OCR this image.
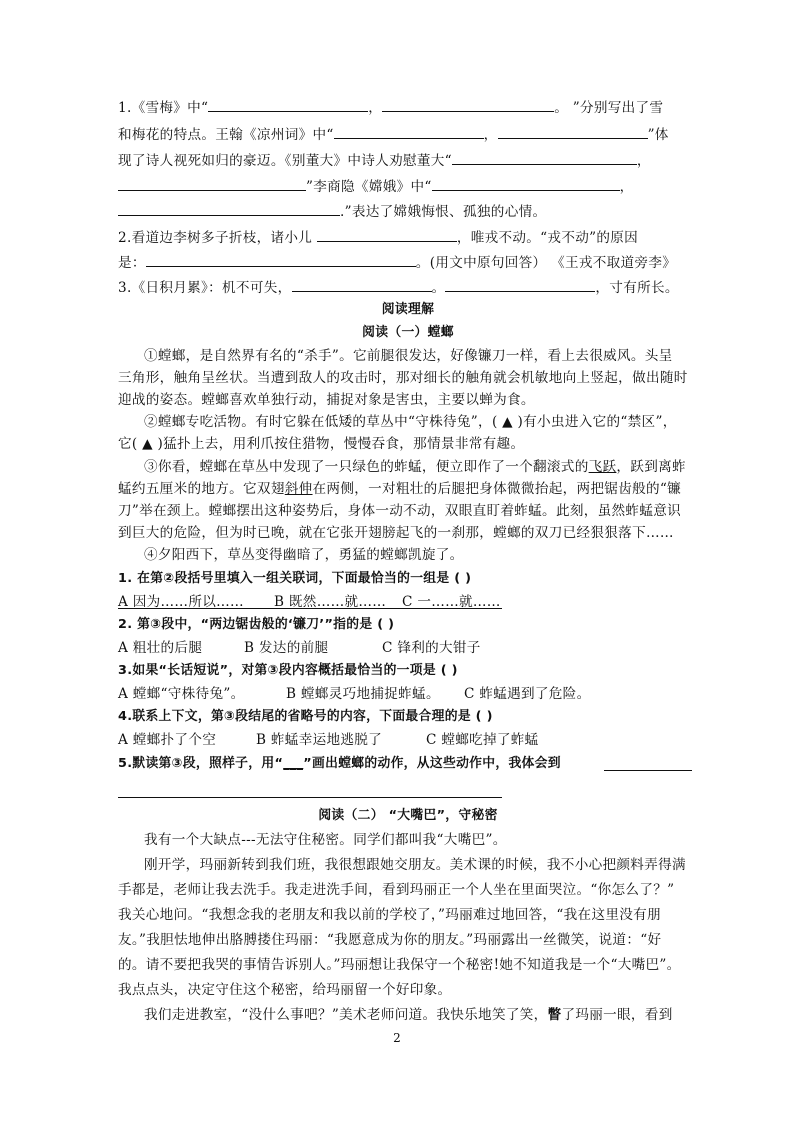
1.《雪梅》中“	，	。 ”分别写出了雪
和梅花的特点。王翰《凉州词》中“	，	”体
现了诗人视死如归的豪迈。《别董大》中诗人劝慰董大“	，
”李商隐《嫦娥》中“	，
.”表达了嫦娥悔恨、孤独的心情。
2.看道边李树多子折枝，诸小儿	，唯戎不动。“戎不动”的原因
是：	。(用文中原句回答） 《王戎不取道旁李》
3.《日积月累》：机不可失，	。	，寸有所长。
阅读理解
阅读（一）螳螂
①螳螂，是自然界有名的“杀手”。它前腿很发达，好像镰刀一样，看上去很威风。头呈
三角形，触角呈丝状。当遭到敌人的攻击时，那对细长的触角就会机敏地向上竖起，做出随时
迎战的姿态。螳螂喜欢单独行动，捕捉对象是害虫，主要以蝉为食。
②螳螂专吃活物。有时它躲在低矮的草丛中“守株待兔”，( ▲ )有小虫进入它的“禁区”，
它( ▲ )猛扑上去，用利爪按住猎物，慢慢吞食，那情景非常有趣。
③你看，螳螂在草丛中发现了一只绿色的蚱蜢，便立即作了一个翻滚式的飞跃，跃到离蚱
蜢约五厘米的地方。它双翅斜伸在两侧，一对粗壮的后腿把身体微微抬起，两把锯齿般的“镰
刀”举在颈上。螳螂摆出这种姿势后，身体一动不动，双眼直盯着蚱蜢。此刻，虽然蚱蜢意识
到巨大的危险，但为时已晚，就在它张开翅膀起飞的一刹那，螳螂的双刀已经狠狠落下……
④夕阳西下，草丛变得幽暗了，勇猛的螳螂凯旋了。
1. 在第②段括号里填入一组关联词，下面最恰当的一组是 ( )
A 因为……所以…… B 既然……就…… C 一……就……
2. 第③段中，“两边锯齿般的‘镰刀’”指的是 ( )
A 粗壮的后腿	B 发达的前腿	C 锋利的大钳子
3.如果“长话短说”，对第③段内容概括最恰当的一项是 ( )
A 螳螂“守株待兔”。	B 螳螂灵巧地捕捉蚱蜢。 C 蚱蜢遇到了危险。
4.联系上下文，第③段结尾的省略号的内容，下面最合理的是 ( )
A 螳螂扑了个空	B 蚱蜢幸运地逃脱了	C 螳螂吃掉了蚱蜢
5.默读第③段，照样子，用“___”画出螳螂的动作，从这些动作中，我体会到
阅读（二） “大嘴巴”，守秘密
我有一个大缺点---无法守住秘密。同学们都叫我“大嘴巴”。
刚开学，玛丽新转到我们班，我很想跟她交朋友。美术课的时候，我不小心把颜料弄得满
手都是，老师让我去洗手。我走进洗手间，看到玛丽正一个人坐在里面哭泣。“你怎么了？”
我关心地问。“我想念我的老朋友和我以前的学校了，”玛丽难过地回答，“我在这里没有朋
友。”我胆怯地伸出胳膊搂住玛丽：“我愿意成为你的朋友。”玛丽露出一丝微笑，说道：“好
的。请不要把我哭的事情告诉别人。”玛丽想让我保守一个秘密!她不知道我是一个“大嘴巴”。
我点点头，决定守住这个秘密，给玛丽留一个好印象。
我们走进教室，“没什么事吧？”美术老师问道。我快乐地笑了笑，瞥了玛丽一眼，看到
2
